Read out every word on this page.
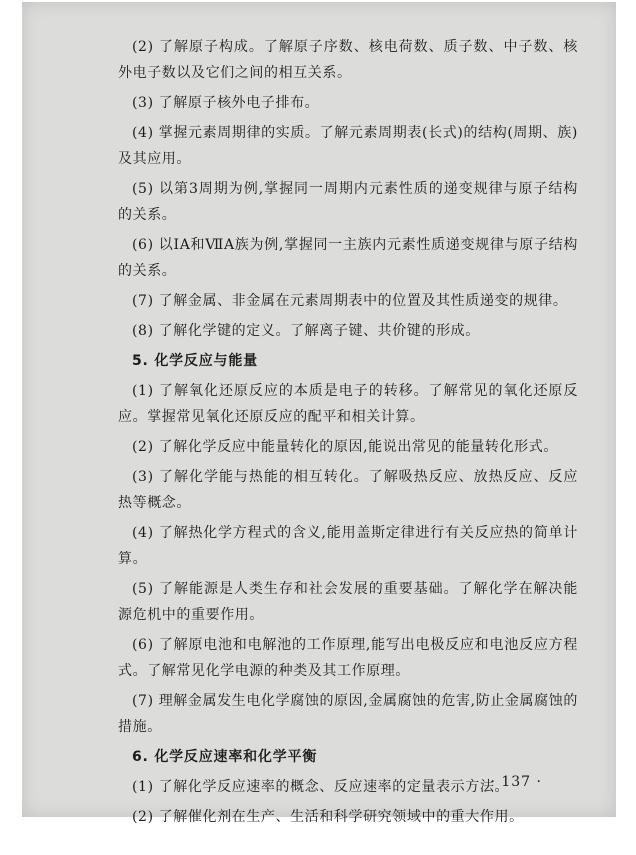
(2) 了解原子构成。了解原子序数、核电荷数、质子数、中子数、核外电子数以及它们之间的相互关系。

(3) 了解原子核外电子排布。

(4) 掌握元素周期律的实质。了解元素周期表(长式)的结构(周期、族)及其应用。

(5) 以第3周期为例,掌握同一周期内元素性质的递变规律与原子结构的关系。

(6) 以ⅠA和ⅦA族为例,掌握同一主族内元素性质递变规律与原子结构的关系。

(7) 了解金属、非金属在元素周期表中的位置及其性质递变的规律。

(8) 了解化学键的定义。了解离子键、共价键的形成。

5. 化学反应与能量

(1) 了解氧化还原反应的本质是电子的转移。了解常见的氧化还原反应。掌握常见氧化还原反应的配平和相关计算。

(2) 了解化学反应中能量转化的原因,能说出常见的能量转化形式。

(3) 了解化学能与热能的相互转化。了解吸热反应、放热反应、反应热等概念。

(4) 了解热化学方程式的含义,能用盖斯定律进行有关反应热的简单计算。

(5) 了解能源是人类生存和社会发展的重要基础。了解化学在解决能源危机中的重要作用。

(6) 了解原电池和电解池的工作原理,能写出电极反应和电池反应方程式。了解常见化学电源的种类及其工作原理。

(7) 理解金属发生电化学腐蚀的原因,金属腐蚀的危害,防止金属腐蚀的措施。

6. 化学反应速率和化学平衡

(1) 了解化学反应速率的概念、反应速率的定量表示方法。

(2) 了解催化剂在生产、生活和科学研究领域中的重大作用。

· 137 ·
